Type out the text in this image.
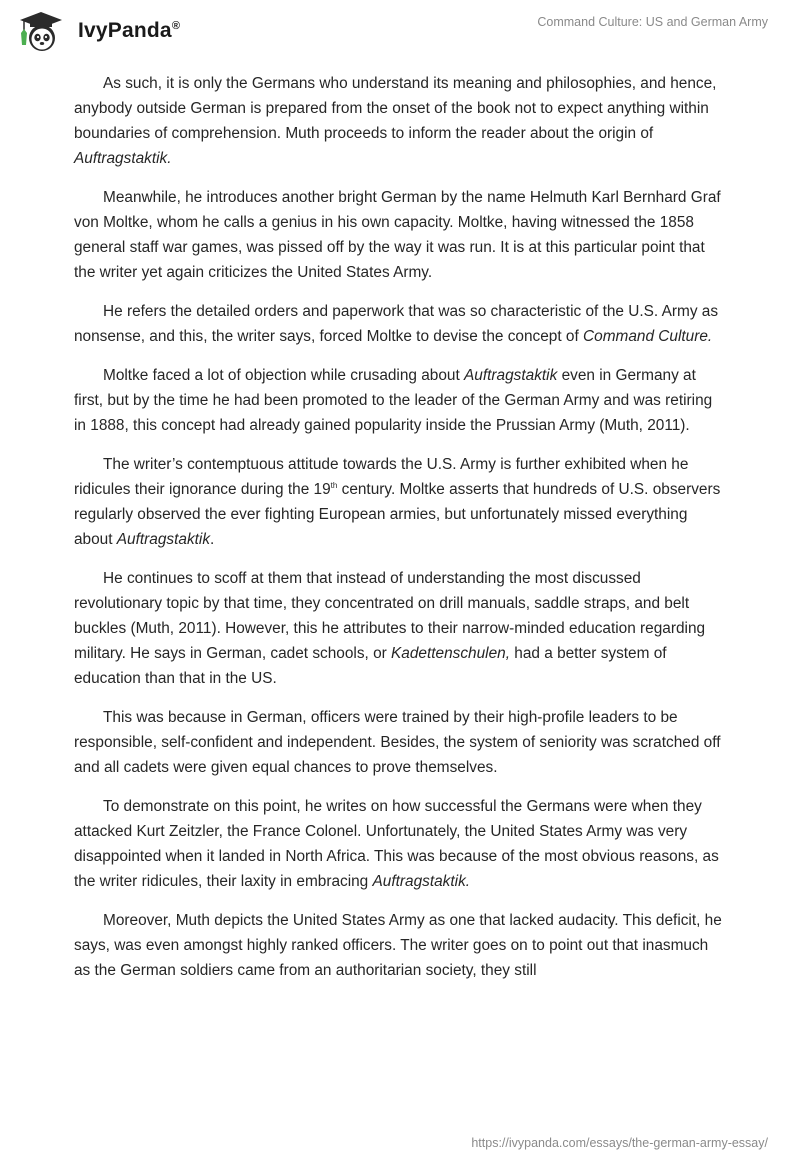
IvyPanda®	Command Culture: US and German Army

As such, it is only the Germans who understand its meaning and philosophies, and hence, anybody outside German is prepared from the onset of the book not to expect anything within boundaries of comprehension. Muth proceeds to inform the reader about the origin of Auftragstaktik.

Meanwhile, he introduces another bright German by the name Helmuth Karl Bernhard Graf von Moltke, whom he calls a genius in his own capacity. Moltke, having witnessed the 1858 general staff war games, was pissed off by the way it was run. It is at this particular point that the writer yet again criticizes the United States Army.

He refers the detailed orders and paperwork that was so characteristic of the U.S. Army as nonsense, and this, the writer says, forced Moltke to devise the concept of Command Culture.

Moltke faced a lot of objection while crusading about Auftragstaktik even in Germany at first, but by the time he had been promoted to the leader of the German Army and was retiring in 1888, this concept had already gained popularity inside the Prussian Army (Muth, 2011).

The writer’s contemptuous attitude towards the U.S. Army is further exhibited when he ridicules their ignorance during the 19th century. Moltke asserts that hundreds of U.S. observers regularly observed the ever fighting European armies, but unfortunately missed everything about Auftragstaktik.

He continues to scoff at them that instead of understanding the most discussed revolutionary topic by that time, they concentrated on drill manuals, saddle straps, and belt buckles (Muth, 2011). However, this he attributes to their narrow-minded education regarding military. He says in German, cadet schools, or Kadettenschulen, had a better system of education than that in the US.

This was because in German, officers were trained by their high-profile leaders to be responsible, self-confident and independent. Besides, the system of seniority was scratched off and all cadets were given equal chances to prove themselves.

To demonstrate on this point, he writes on how successful the Germans were when they attacked Kurt Zeitzler, the France Colonel. Unfortunately, the United States Army was very disappointed when it landed in North Africa. This was because of the most obvious reasons, as the writer ridicules, their laxity in embracing Auftragstaktik.

Moreover, Muth depicts the United States Army as one that lacked audacity. This deficit, he says, was even amongst highly ranked officers. The writer goes on to point out that inasmuch as the German soldiers came from an authoritarian society, they still

https://ivypanda.com/essays/the-german-army-essay/
